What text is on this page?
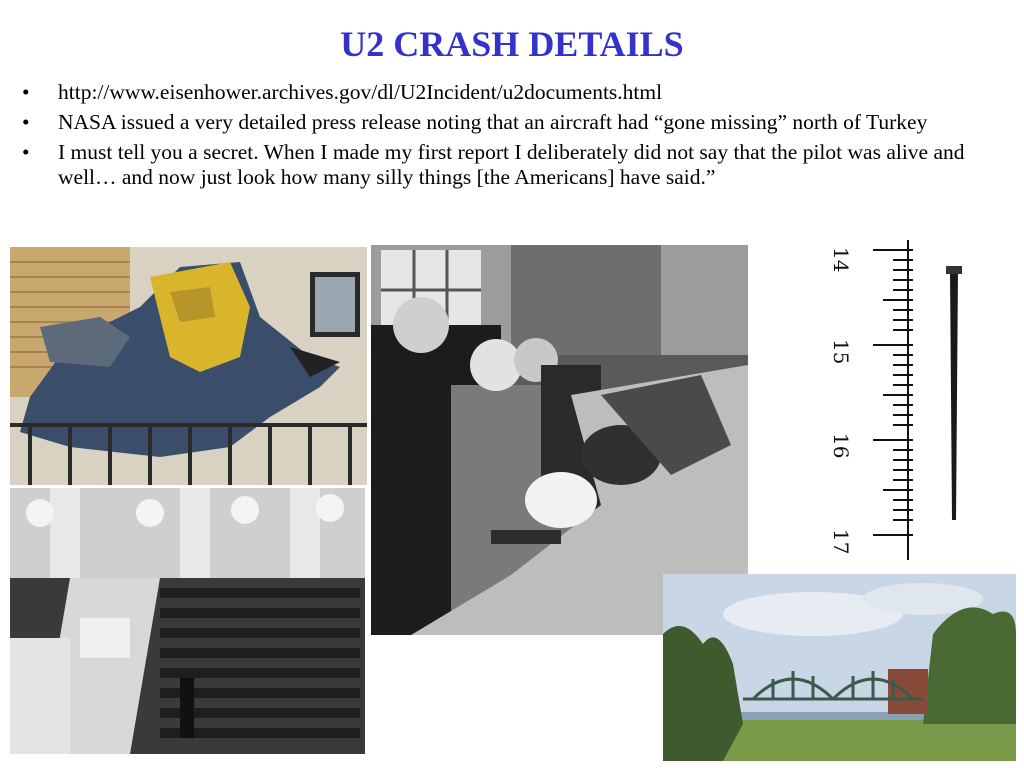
U2 CRASH DETAILS
• http://www.eisenhower.archives.gov/dl/U2Incident/u2documents.html
• NASA issued a very detailed press release noting that an aircraft had “gone missing” north of Turkey
• I must tell you a secret. When I made my first report I deliberately did not say that the pilot was alive and well… and now just look how many silly things [the Americans] have said.”
14
15
16
17
